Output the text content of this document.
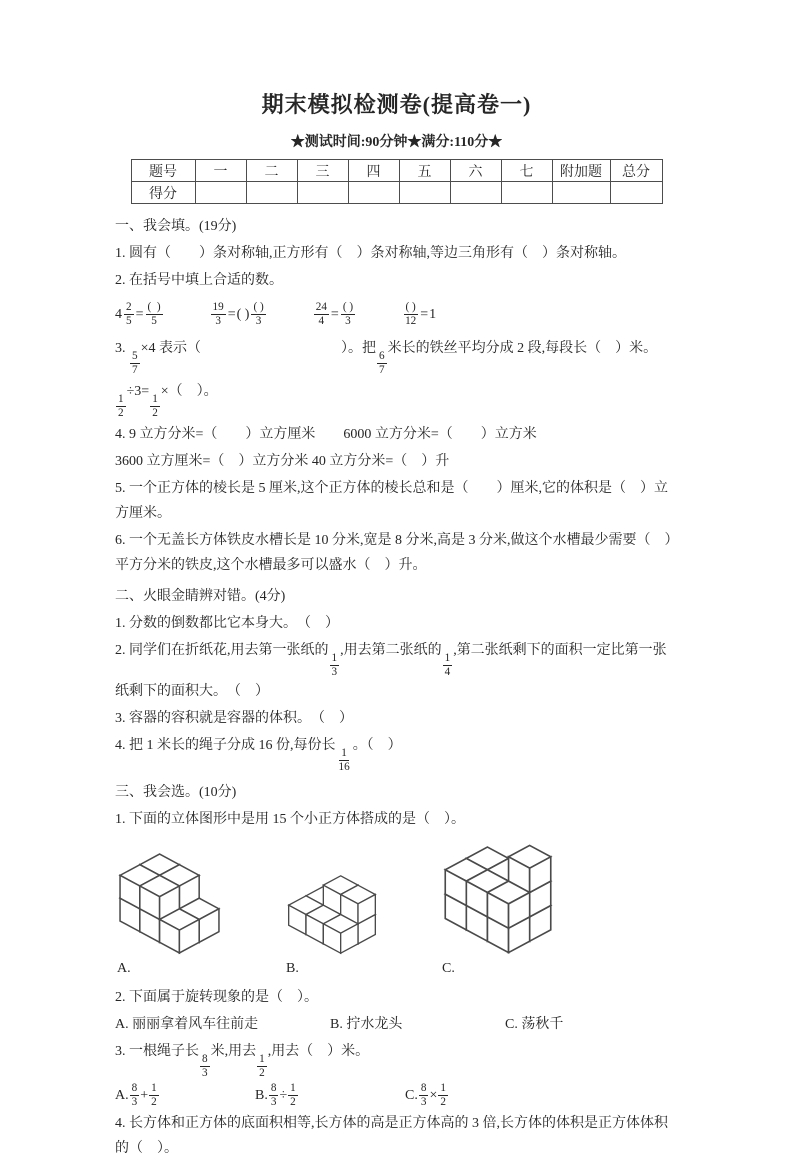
期末模拟检测卷(提高卷一)
★测试时间:90分钟★满分:110分★
题号	一	二	三	四	五	六	七	附加题	总分
得分									
一、我会填。(19分)
1. 圆有（　　）条对称轴,正方形有（　）条对称轴,等边三角形有（　）条对称轴。
2. 在括号中填上合适的数。
$4 \frac{2}{5} = \frac{( )}{5}$	$\frac{19}{3}$ = ( ) $\frac{( )}{3}$	$\frac{24}{4} = \frac{( )}{3}$	$\frac{( )}{12} = 1$
3.
$\frac{5}{7}$
×4 表示（　　　　　　　　　　）。把
$\frac{6}{7}$
米长的铁丝平均分成 2 段,每段长（　）米。
$\frac{1}{2}$
÷3=
$\frac{1}{2}$
×（　）。
4. 9 立方分米=（　　）立方厘米　　6000 立方分米=（　　）立方米
3600 立方厘米=（　）立方分米 40 立方分米=（　）升
5. 一个正方体的棱长是 5 厘米,这个正方体的棱长总和是（　　）厘米,它的体积是（　）立方厘米。
6. 一个无盖长方体铁皮水槽长是 10 分米,宽是 8 分米,高是 3 分米,做这个水槽最少需要（　）平方分米的铁皮,这个水槽最多可以盛水（　）升。
二、火眼金睛辨对错。(4分)
1. 分数的倒数都比它本身大。　（　）
2. 同学们在折纸花,用去第一张纸的
$\frac{1}{3}$
,用去第二张纸的
$\frac{1}{4}$
,第二张纸剩下的面积一定比第一张纸剩下的面积大。　（　）
3. 容器的容积就是容器的体积。　（　）
4. 把 1 米长的绳子分成 16 份,每份长
$\frac{1}{16}$
。（　）
三、我会选。(10分)
1. 下面的立体图形中是用 15 个小正方体搭成的是（　）。
A.	B.	C.
2. 下面属于旋转现象的是（　）。
A. 丽丽拿着风车往前走	B. 拧水龙头	C. 荡秋千
3. 一根绳子长
$\frac{8}{3}$
米,用去
$\frac{1}{2}$
,用去（　）米。
A. $\frac{8}{3} + \frac{1}{2}$	B. $\frac{8}{3} \div \frac{1}{2}$	C. $\frac{8}{3} \times \frac{1}{2}$
4. 长方体和正方体的底面积相等,长方体的高是正方体高的 3 倍,长方体的体积是正方体体积的（　）。
